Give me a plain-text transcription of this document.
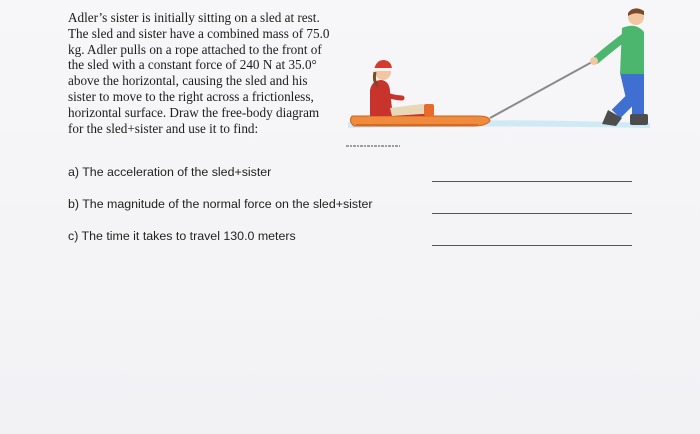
Adler’s sister is initially sitting on a sled at rest.
The sled and sister have a combined mass of 75.0
kg. Adler pulls on a rope attached to the front of
the sled with a constant force of 240 N at 35.0°
above the horizontal, causing the sled and his
sister to move to the right across a frictionless,
horizontal surface. Draw the free-body diagram
for the sled+sister and use it to find:
a) The acceleration of the sled+sister
b) The magnitude of the normal force on the sled+sister
c) The time it takes to travel 130.0 meters
